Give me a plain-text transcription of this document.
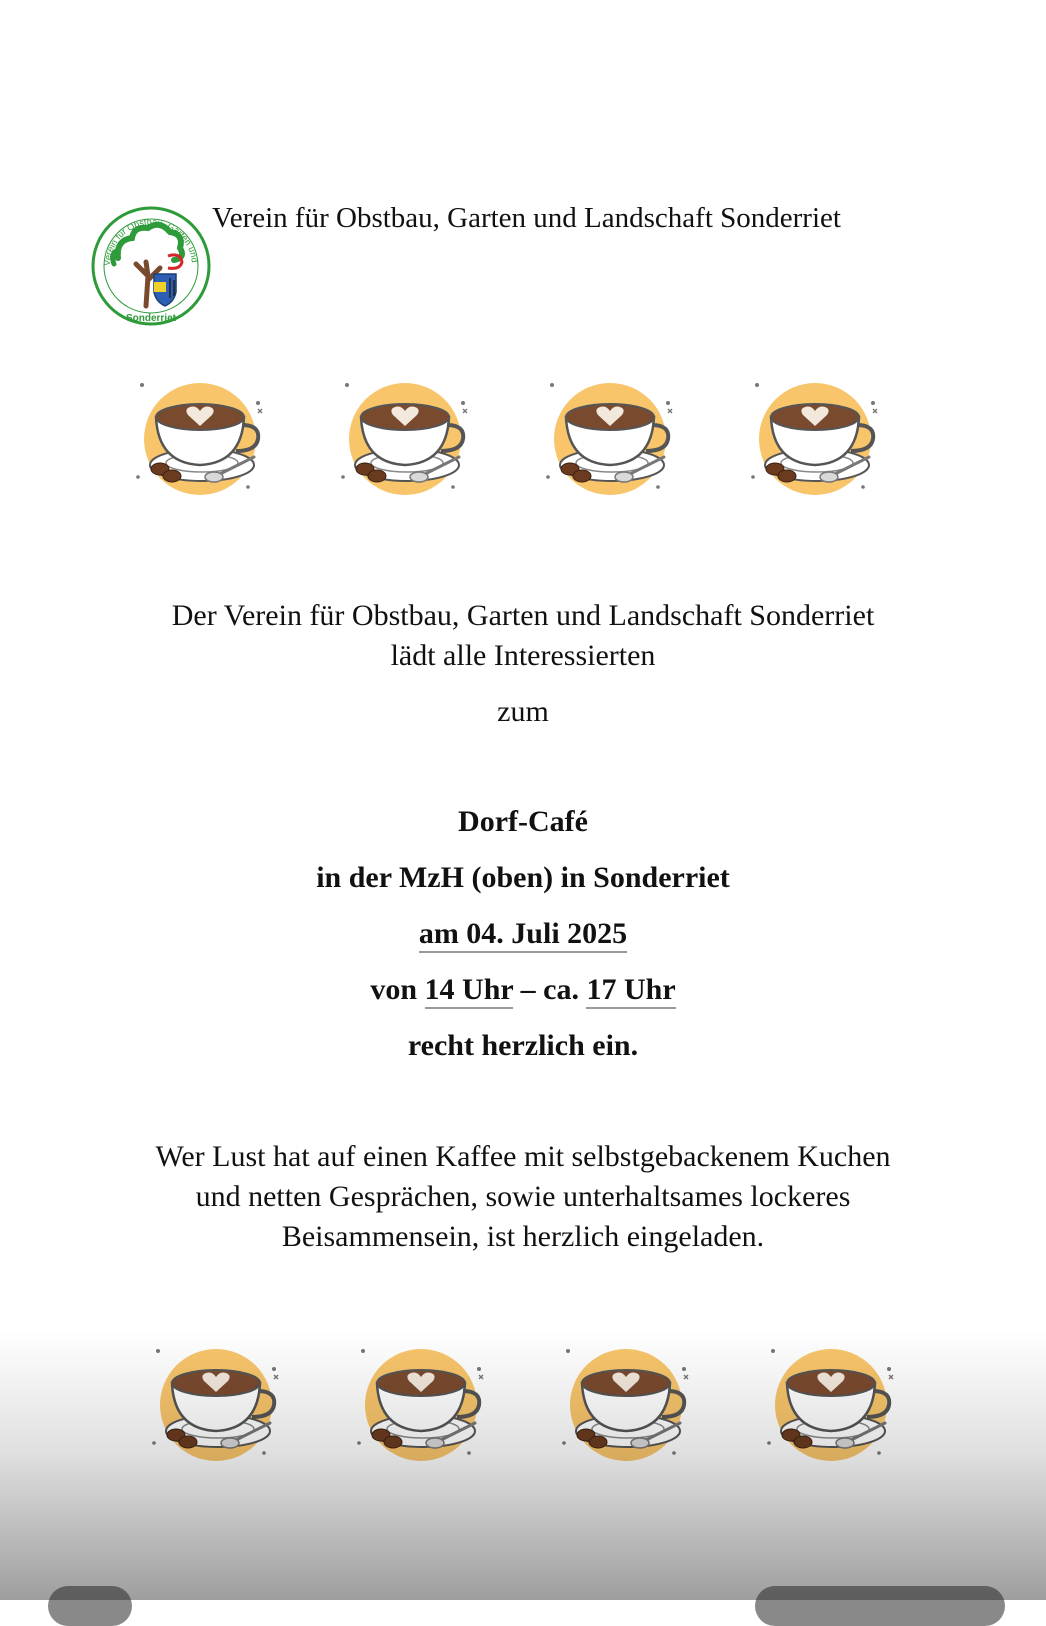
Verein für Obstbau, Garten und
Sonderriet
Verein für Obstbau, Garten und Landschaft Sonderriet

Der Verein für Obstbau, Garten und Landschaft Sonderriet

lädt alle Interessierten

zum
Dorf-Café
in der MzH (oben) in Sonderriet
am 04. Juli 2025
von 14 Uhr – ca. 17 Uhr
recht herzlich ein.

Wer Lust hat auf einen Kaffee mit selbstgebackenem Kuchen

und netten Gesprächen, sowie unterhaltsames lockeres

Beisammensein, ist herzlich eingeladen.
